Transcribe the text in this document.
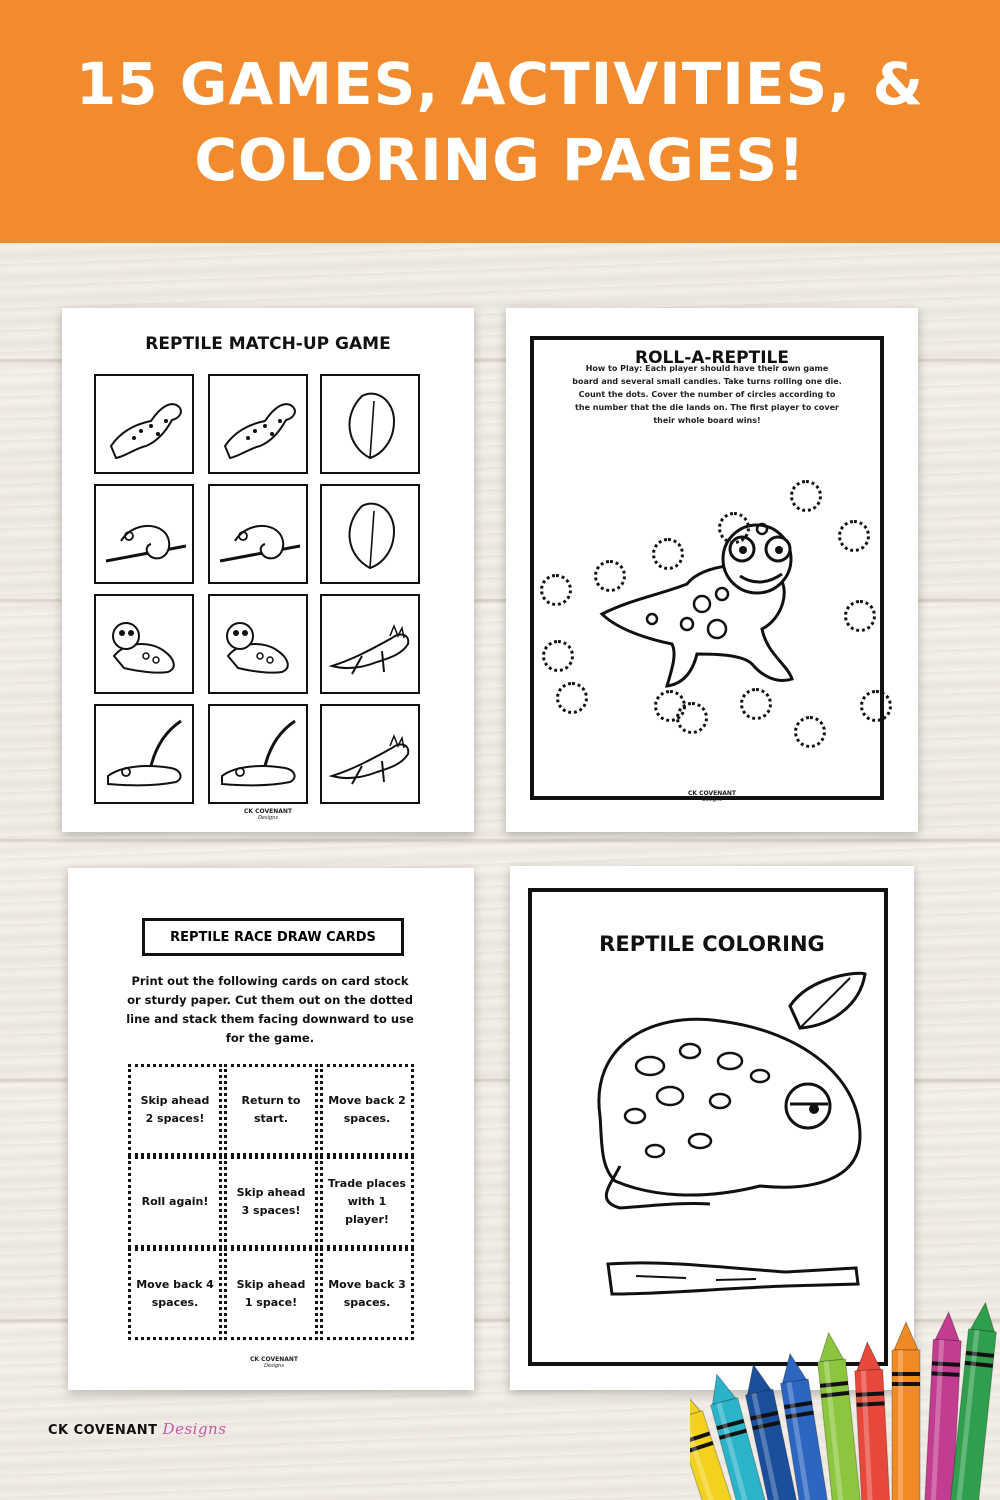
15 GAMES, ACTIVITIES, &
COLORING PAGES!
REPTILE MATCH-UP GAME
CK COVENANT
Designs
ROLL-A-REPTILE
How to Play: Each player should have their own game board and several small candies. Take turns rolling one die. Count the dots. Cover the number of circles according to the number that the die lands on. The first player to cover their whole board wins!
CK COVENANT
Designs
REPTILE RACE DRAW CARDS
Print out the following cards on card stock or sturdy paper. Cut them out on the dotted line and stack them facing downward to use for the game.
Skip ahead 2 spaces!
Return to start.
Move back 2 spaces.
Roll again!
Skip ahead 3 spaces!
Trade places with 1 player!
Move back 4 spaces.
Skip ahead 1 space!
Move back 3 spaces.
CK COVENANT
Designs
REPTILE COLORING
CK COVENANT Designs
